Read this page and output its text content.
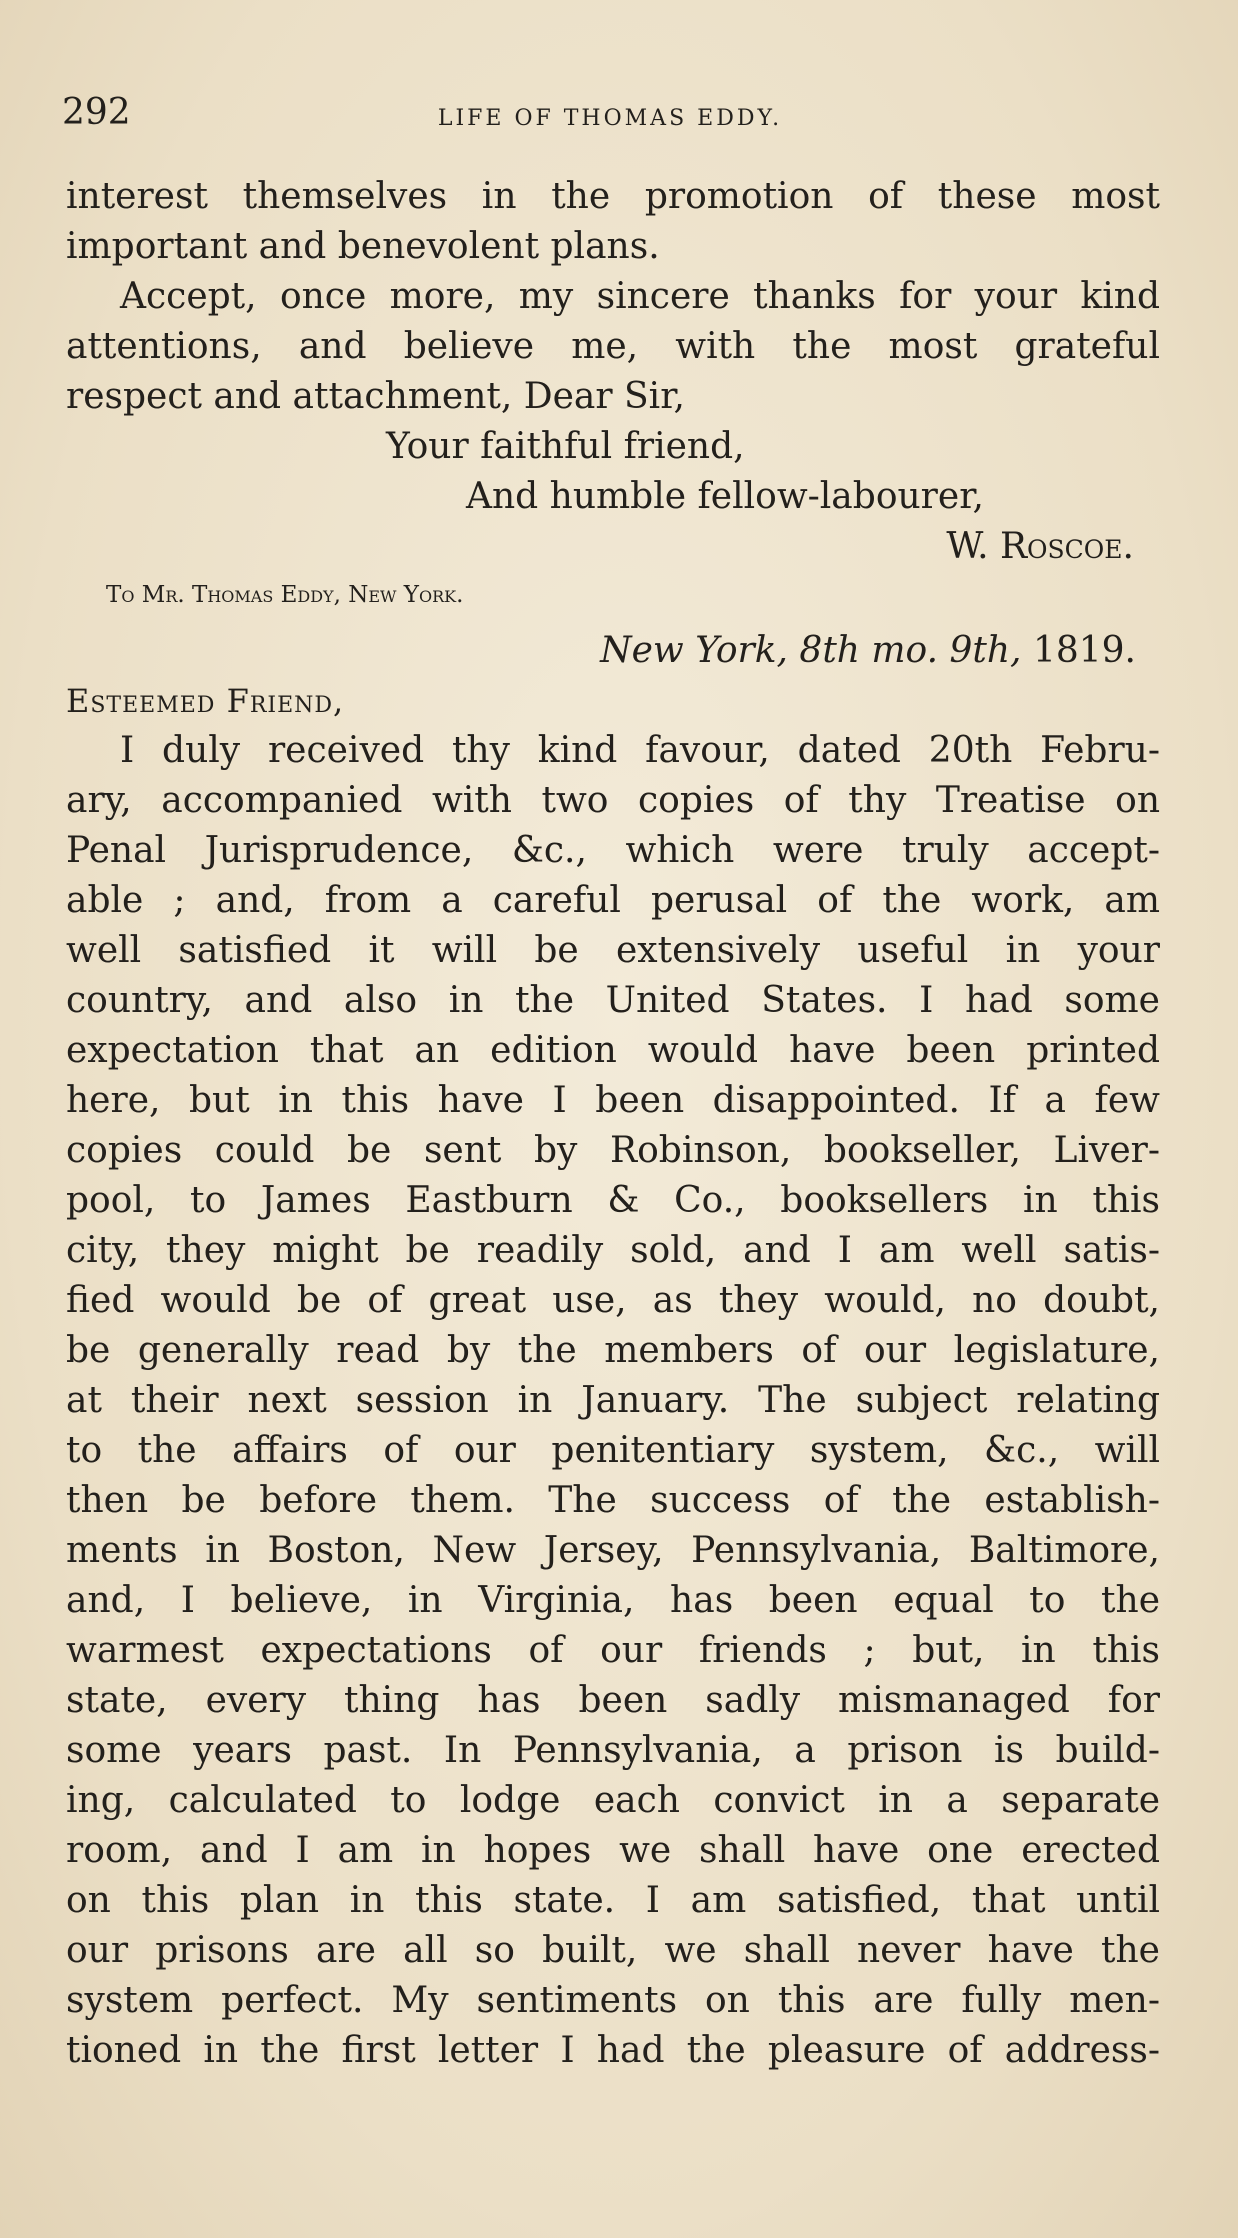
292	LIFE OF THOMAS EDDY.
interest themselves in the promotion of these most
important and benevolent plans.
Accept, once more, my sincere thanks for your kind
attentions, and believe me, with the most grateful
respect and attachment, Dear Sir,
Your faithful friend,
And humble fellow-labourer,
W. Roscoe.
To Mr. Thomas Eddy, New York.
New York, 8th mo. 9th, 1819.
Esteemed Friend,
I duly received thy kind favour, dated 20th Febru-
ary, accompanied with two copies of thy Treatise on
Penal Jurisprudence, &c., which were truly accept-
able ; and, from a careful perusal of the work, am
well satisfied it will be extensively useful in your
country, and also in the United States. I had some
expectation that an edition would have been printed
here, but in this have I been disappointed. If a few
copies could be sent by Robinson, bookseller, Liver-
pool, to James Eastburn & Co., booksellers in this
city, they might be readily sold, and I am well satis-
fied would be of great use, as they would, no doubt,
be generally read by the members of our legislature,
at their next session in January. The subject relating
to the affairs of our penitentiary system, &c., will
then be before them. The success of the establish-
ments in Boston, New Jersey, Pennsylvania, Baltimore,
and, I believe, in Virginia, has been equal to the
warmest expectations of our friends ; but, in this
state, every thing has been sadly mismanaged for
some years past. In Pennsylvania, a prison is build-
ing, calculated to lodge each convict in a separate
room, and I am in hopes we shall have one erected
on this plan in this state. I am satisfied, that until
our prisons are all so built, we shall never have the
system perfect. My sentiments on this are fully men-
tioned in the first letter I had the pleasure of address-
